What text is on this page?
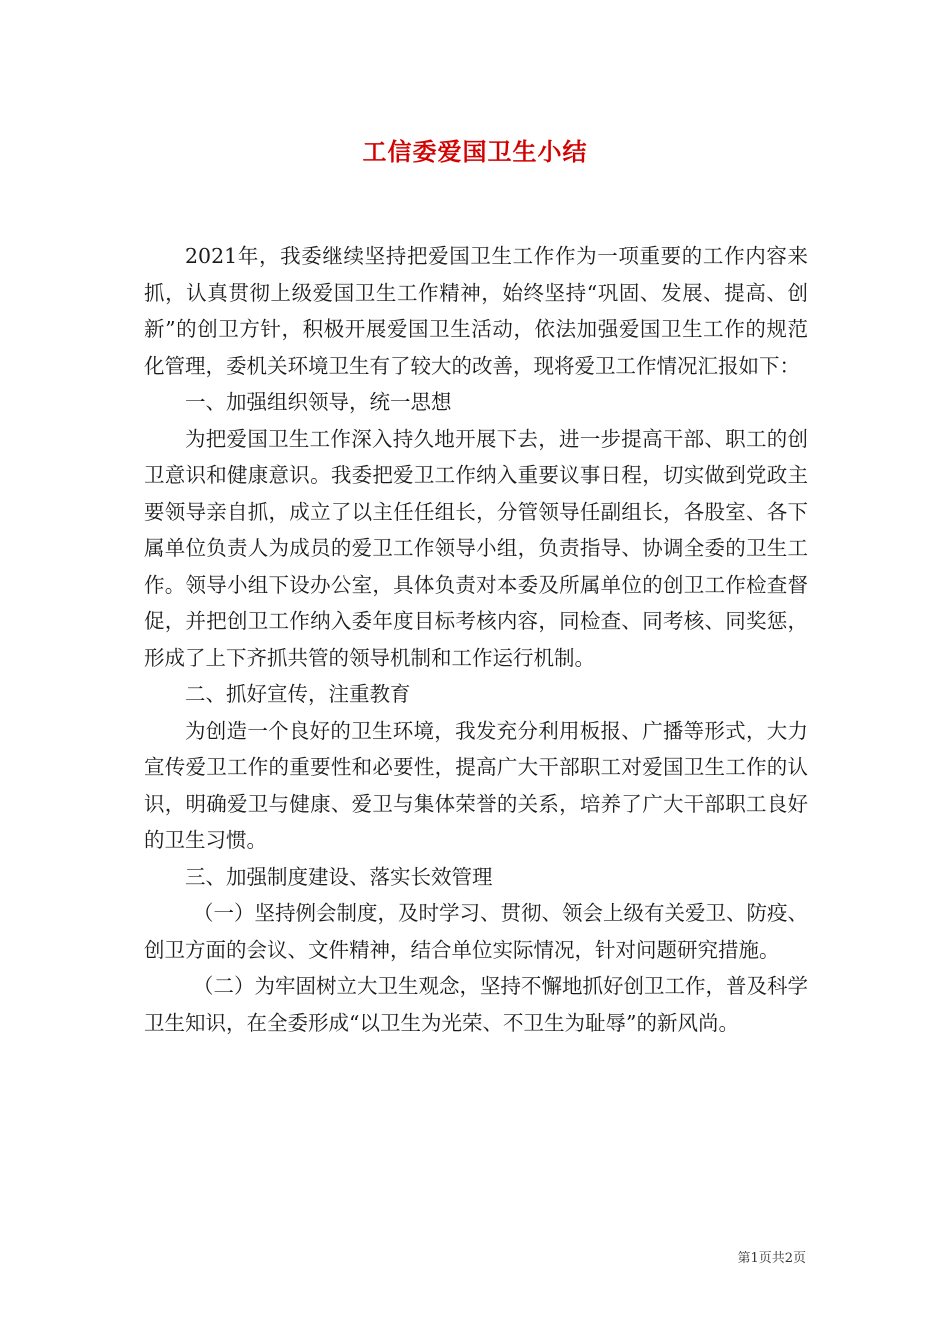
工信委爱国卫生小结

2021年，我委继续坚持把爱国卫生工作作为一项重要的工作内容来抓，认真贯彻上级爱国卫生工作精神，始终坚持“巩固、发展、提高、创新”的创卫方针，积极开展爱国卫生活动，依法加强爱国卫生工作的规范化管理，委机关环境卫生有了较大的改善，现将爱卫工作情况汇报如下：

一、加强组织领导，统一思想

为把爱国卫生工作深入持久地开展下去，进一步提高干部、职工的创卫意识和健康意识。我委把爱卫工作纳入重要议事日程，切实做到党政主要领导亲自抓，成立了以主任任组长，分管领导任副组长，各股室、各下属单位负责人为成员的爱卫工作领导小组，负责指导、协调全委的卫生工作。领导小组下设办公室，具体负责对本委及所属单位的创卫工作检查督促，并把创卫工作纳入委年度目标考核内容，同检查、同考核、同奖惩，形成了上下齐抓共管的领导机制和工作运行机制。

二、抓好宣传，注重教育

为创造一个良好的卫生环境，我发充分利用板报、广播等形式，大力宣传爱卫工作的重要性和必要性，提高广大干部职工对爱国卫生工作的认识，明确爱卫与健康、爱卫与集体荣誉的关系，培养了广大干部职工良好的卫生习惯。

三、加强制度建设、落实长效管理

（一）坚持例会制度，及时学习、贯彻、领会上级有关爱卫、防疫、创卫方面的会议、文件精神，结合单位实际情况，针对问题研究措施。

（二）为牢固树立大卫生观念，坚持不懈地抓好创卫工作，普及科学卫生知识，在全委形成“以卫生为光荣、不卫生为耻辱”的新风尚。

第1页共2页
